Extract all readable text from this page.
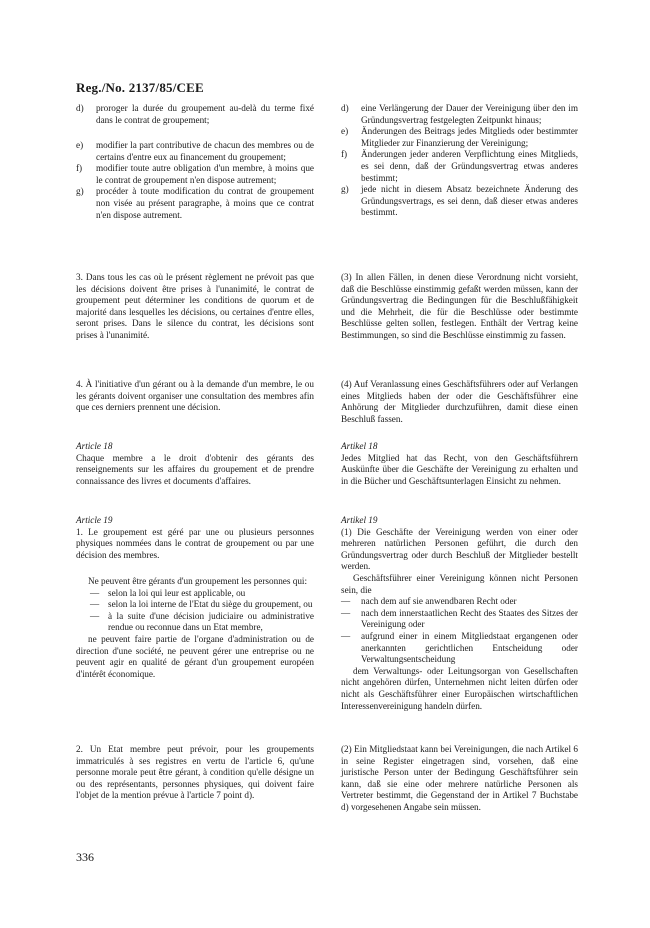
Reg./No. 2137/85/CEE
d)	proroger la durée du groupement au-delà du terme fixé dans le contrat de groupement;
e)	modifier la part contributive de chacun des membres ou de certains d'entre eux au financement du groupement;
f)	modifier toute autre obligation d'un membre, à moins que le contrat de groupement n'en dispose autrement;
g)	procéder à toute modification du contrat de groupement non visée au présent paragraphe, à moins que ce contrat n'en dispose autrement.

3. Dans tous les cas où le présent règlement ne prévoit pas que les décisions doivent être prises à l'unanimité, le contrat de groupement peut déterminer les conditions de quorum et de majorité dans lesquelles les décisions, ou certaines d'entre elles, seront prises. Dans le silence du contrat, les décisions sont prises à l'unanimité.

4. À l'initiative d'un gérant ou à la demande d'un membre, le ou les gérants doivent organiser une consultation des membres afin que ces derniers prennent une décision.

Article 18

Chaque membre a le droit d'obtenir des gérants des renseignements sur les affaires du groupement et de prendre connaissance des livres et documents d'affaires.

Article 19

1. Le groupement est géré par une ou plusieurs personnes physiques nommées dans le contrat de groupement ou par une décision des membres.

Ne peuvent être gérants d'un groupement les personnes qui:

— selon la loi qui leur est applicable, ou
— selon la loi interne de l'Etat du siège du groupement, ou
— à la suite d'une décision judiciaire ou administrative rendue ou reconnue dans un Etat membre,

ne peuvent faire partie de l'organe d'administration ou de direction d'une société, ne peuvent gérer une entreprise ou ne peuvent agir en qualité de gérant d'un groupement européen d'intérêt économique.

2. Un Etat membre peut prévoir, pour les groupements immatriculés à ses registres en vertu de l'article 6, qu'une personne morale peut être gérant, à condition qu'elle désigne un ou des représentants, personnes physiques, qui doivent faire l'objet de la mention prévue à l'article 7 point d).

d)	eine Verlängerung der Dauer der Vereinigung über den im Gründungsvertrag festgelegten Zeitpunkt hinaus;
e)	Änderungen des Beitrags jedes Mitglieds oder bestimmter Mitglieder zur Finanzierung der Vereinigung;
f)	Änderungen jeder anderen Verpflichtung eines Mitglieds, es sei denn, daß der Gründungsvertrag etwas anderes bestimmt;
g)	jede nicht in diesem Absatz bezeichnete Änderung des Gründungsvertrags, es sei denn, daß dieser etwas anderes bestimmt.

(3) In allen Fällen, in denen diese Verordnung nicht vorsieht, daß die Beschlüsse einstimmig gefaßt werden müssen, kann der Gründungsvertrag die Bedingungen für die Beschlußfähigkeit und die Mehrheit, die für die Beschlüsse oder bestimmte Beschlüsse gelten sollen, festlegen. Enthält der Vertrag keine Bestimmungen, so sind die Beschlüsse einstimmig zu fassen.

(4) Auf Veranlassung eines Geschäftsführers oder auf Verlangen eines Mitglieds haben der oder die Geschäftsführer eine Anhörung der Mitglieder durchzuführen, damit diese einen Beschluß fassen.

Artikel 18

Jedes Mitglied hat das Recht, von den Geschäftsführern Auskünfte über die Geschäfte der Vereinigung zu erhalten und in die Bücher und Geschäftsunterlagen Einsicht zu nehmen.

Artikel 19

(1) Die Geschäfte der Vereinigung werden von einer oder mehreren natürlichen Personen geführt, die durch den Gründungsvertrag oder durch Beschluß der Mitglieder bestellt werden.

Geschäftsführer einer Vereinigung können nicht Personen sein, die

—	nach dem auf sie anwendbaren Recht oder
—	nach dem innerstaatlichen Recht des Staates des Sitzes der Vereinigung oder
—	aufgrund einer in einem Mitgliedstaat ergangenen oder anerkannten gerichtlichen Entscheidung oder Verwaltungsentscheidung

dem Verwaltungs- oder Leitungsorgan von Gesellschaften nicht angehören dürfen, Unternehmen nicht leiten dürfen oder nicht als Geschäftsführer einer Europäischen wirtschaftlichen Interessenvereinigung handeln dürfen.

(2) Ein Mitgliedstaat kann bei Vereinigungen, die nach Artikel 6 in seine Register eingetragen sind, vorsehen, daß eine juristische Person unter der Bedingung Geschäftsführer sein kann, daß sie eine oder mehrere natürliche Personen als Vertreter bestimmt, die Gegenstand der in Artikel 7 Buchstabe d) vorgesehenen Angabe sein müssen.

336
